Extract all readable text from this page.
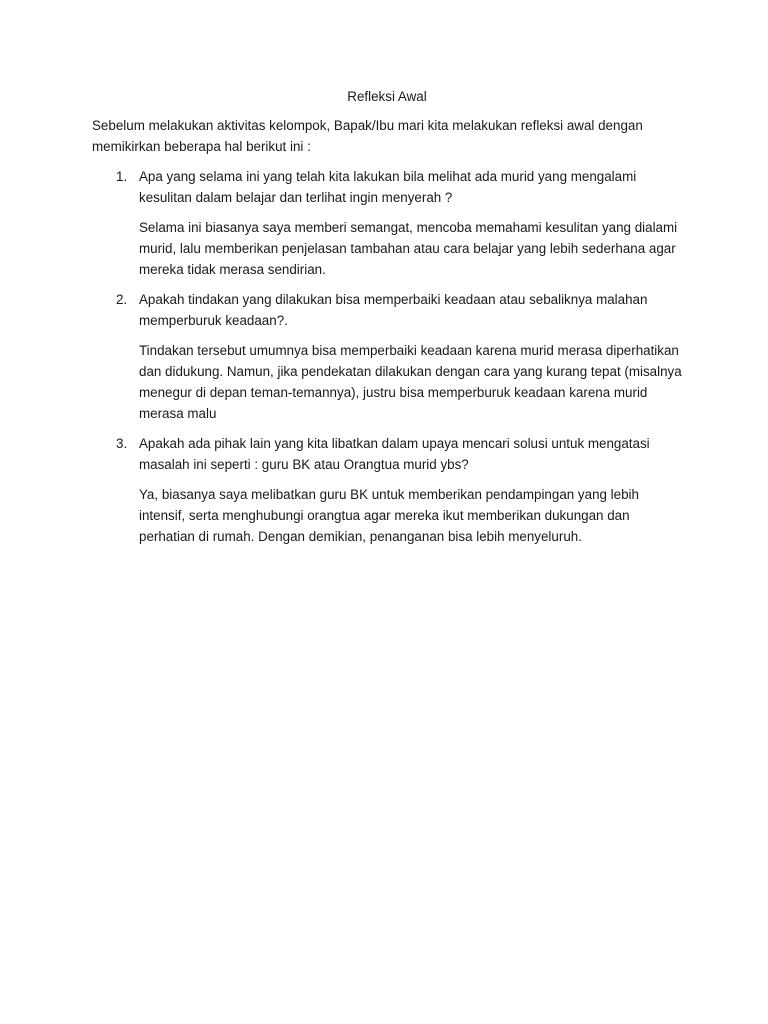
Refleksi Awal

Sebelum melakukan aktivitas kelompok, Bapak/Ibu mari kita melakukan refleksi awal dengan memikirkan beberapa hal berikut ini :

1. Apa yang selama ini yang telah kita lakukan bila melihat ada murid yang mengalami kesulitan dalam belajar dan terlihat ingin menyerah ?

Selama ini biasanya saya memberi semangat, mencoba memahami kesulitan yang dialami murid, lalu memberikan penjelasan tambahan atau cara belajar yang lebih sederhana agar mereka tidak merasa sendirian.

2. Apakah tindakan yang dilakukan bisa memperbaiki keadaan atau sebaliknya malahan memperburuk keadaan?.

Tindakan tersebut umumnya bisa memperbaiki keadaan karena murid merasa diperhatikan dan didukung. Namun, jika pendekatan dilakukan dengan cara yang kurang tepat (misalnya menegur di depan teman-temannya), justru bisa memperburuk keadaan karena murid merasa malu

3. Apakah ada pihak lain yang kita libatkan dalam upaya mencari solusi untuk mengatasi masalah ini seperti : guru BK atau Orangtua murid ybs?

Ya, biasanya saya melibatkan guru BK untuk memberikan pendampingan yang lebih intensif, serta menghubungi orangtua agar mereka ikut memberikan dukungan dan perhatian di rumah. Dengan demikian, penanganan bisa lebih menyeluruh.
